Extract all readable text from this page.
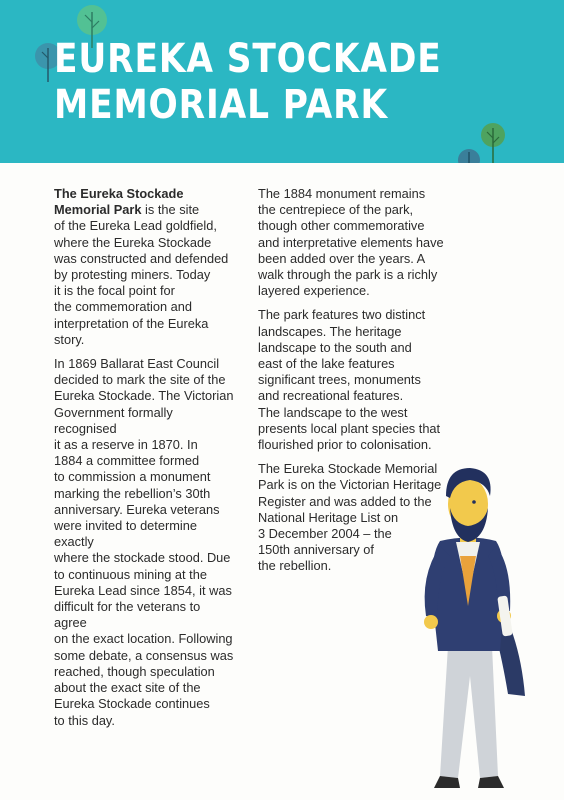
EUREKA STOCKADE
MEMORIAL PARK

The Eureka Stockade
Memorial Park is the site
of the Eureka Lead goldfield,
where the Eureka Stockade
was constructed and defended
by protesting miners. Today
it is the focal point for
the commemoration and
interpretation of the Eureka story.

In 1869 Ballarat East Council
decided to mark the site of the
Eureka Stockade. The Victorian
Government formally recognised
it as a reserve in 1870. In
1884 a committee formed
to commission a monument
marking the rebellion’s 30th
anniversary. Eureka veterans
were invited to determine exactly
where the stockade stood. Due
to continuous mining at the
Eureka Lead since 1854, it was
difficult for the veterans to agree
on the exact location. Following
some debate, a consensus was
reached, though speculation
about the exact site of the
Eureka Stockade continues
to this day.

The 1884 monument remains
the centrepiece of the park,
though other commemorative
and interpretative elements have
been added over the years. A
walk through the park is a richly
layered experience.

The park features two distinct
landscapes. The heritage
landscape to the south and
east of the lake features
significant trees, monuments
and recreational features.
The landscape to the west
presents local plant species that
flourished prior to colonisation.

The Eureka Stockade Memorial
Park is on the Victorian Heritage
Register and was added to the
National Heritage List on
3 December 2004 – the
150th anniversary of
the rebellion.
